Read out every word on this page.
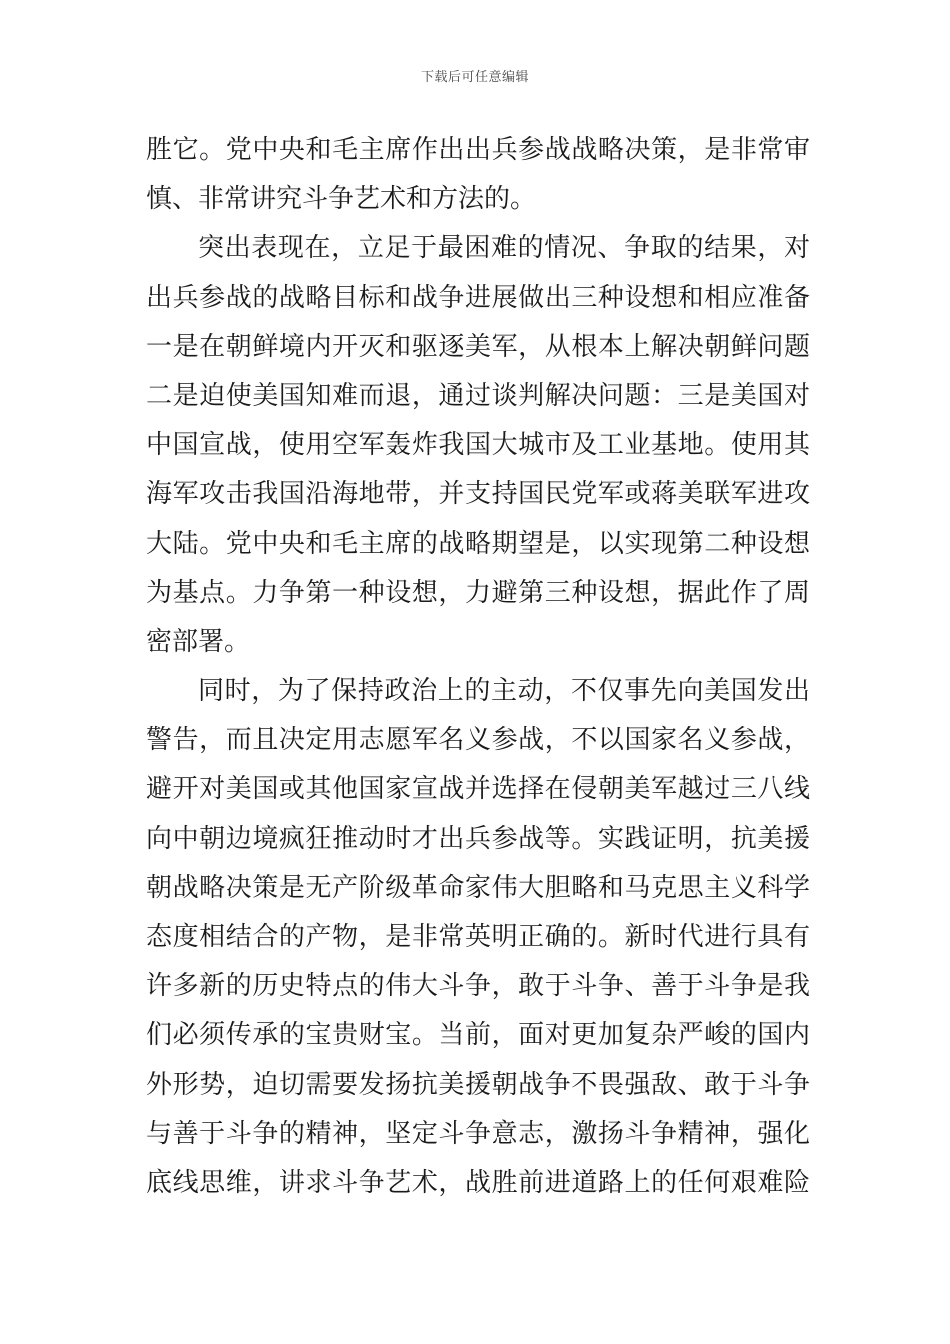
下载后可任意编辑
胜它。党中央和毛主席作出出兵参战战略决策，是非常审
慎、非常讲究斗争艺术和方法的。
突出表现在，立足于最困难的情况、争取的结果，对
出兵参战的战略目标和战争进展做出三种设想和相应准备
一是在朝鲜境内开灭和驱逐美军，从根本上解决朝鲜问题
二是迫使美国知难而退，通过谈判解决问题：三是美国对
中国宣战，使用空军轰炸我国大城市及工业基地。使用其
海军攻击我国沿海地带，并支持国民党军或蒋美联军进攻
大陆。党中央和毛主席的战略期望是，以实现第二种设想
为基点。力争第一种设想，力避第三种设想，据此作了周
密部署。
同时，为了保持政治上的主动，不仅事先向美国发出
警告，而且决定用志愿军名义参战，不以国家名义参战，
避开对美国或其他国家宣战并选择在侵朝美军越过三八线
向中朝边境疯狂推动时才出兵参战等。实践证明，抗美援
朝战略决策是无产阶级革命家伟大胆略和马克思主义科学
态度相结合的产物，是非常英明正确的。新时代进行具有
许多新的历史特点的伟大斗争，敢于斗争、善于斗争是我
们必须传承的宝贵财宝。当前，面对更加复杂严峻的国内
外形势，迫切需要发扬抗美援朝战争不畏强敌、敢于斗争
与善于斗争的精神，坚定斗争意志，激扬斗争精神，强化
底线思维，讲求斗争艺术，战胜前进道路上的任何艰难险
